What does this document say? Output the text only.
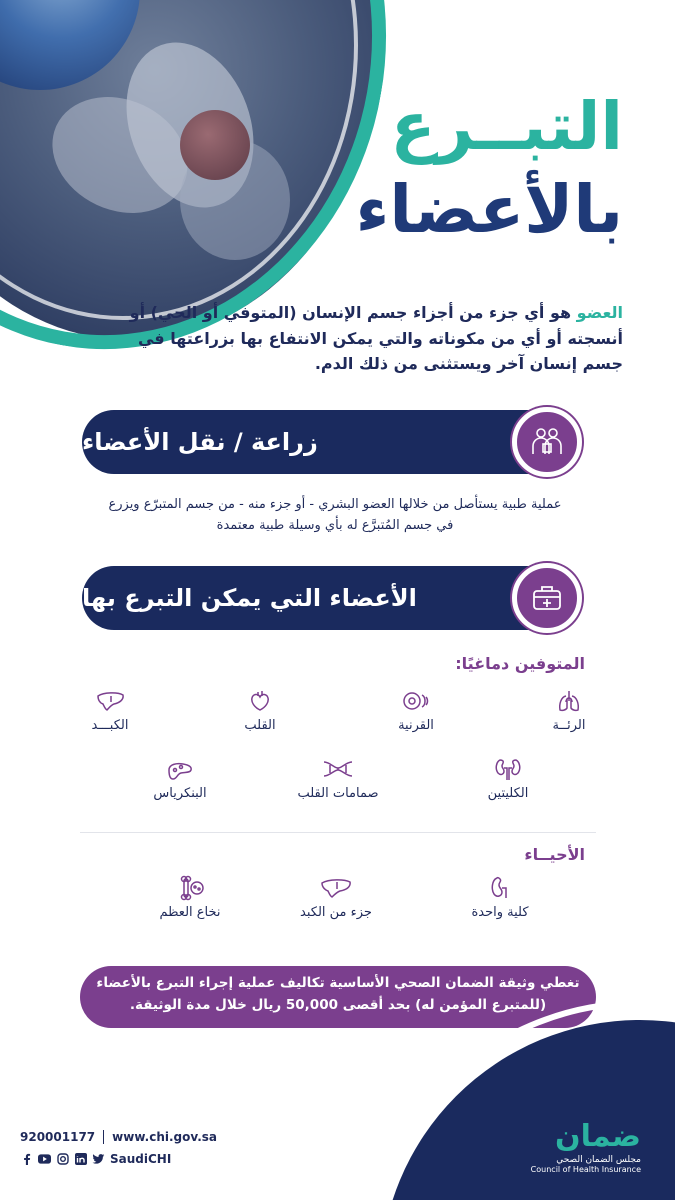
التبــرع
بالأعضاء

العضو هو أي جزء من أجزاء جسم الإنسان (المتوفي أو الحي) أو أنسجته أو أي من مكوناته والتي يمكن الانتفاع بها بزراعتها في جسم إنسان آخر ويستثنى من ذلك الدم.

زراعة / نقل الأعضاء

عملية طبية يستأصل من خلالها العضو البشري - أو جزء منه - من جسم المتبرّع ويزرع
في جسم المُتبرَّع له بأي وسيلة طبية معتمدة

الأعضاء التي يمكن التبرع بها
المتوفين دماغيًا:
الرئــة
القرنية
القلب
الكبـــد
الكليتين
صمامات القلب
البنكرياس
الأحيــاء
كلية واحدة
جزء من الكبد
نخاع العظم
تغطي وثيقة الضمان الصحي الأساسية تكاليف عملية إجراء التبرع بالأعضاء
(للمتبرع المؤمن له) بحد أقصى 50,000 ريال خلال مدة الوثيقة.
920001177 www.chi.gov.sa
SaudiCHI
ضمان
مجلس الضمان الصحي
Council of Health Insurance
